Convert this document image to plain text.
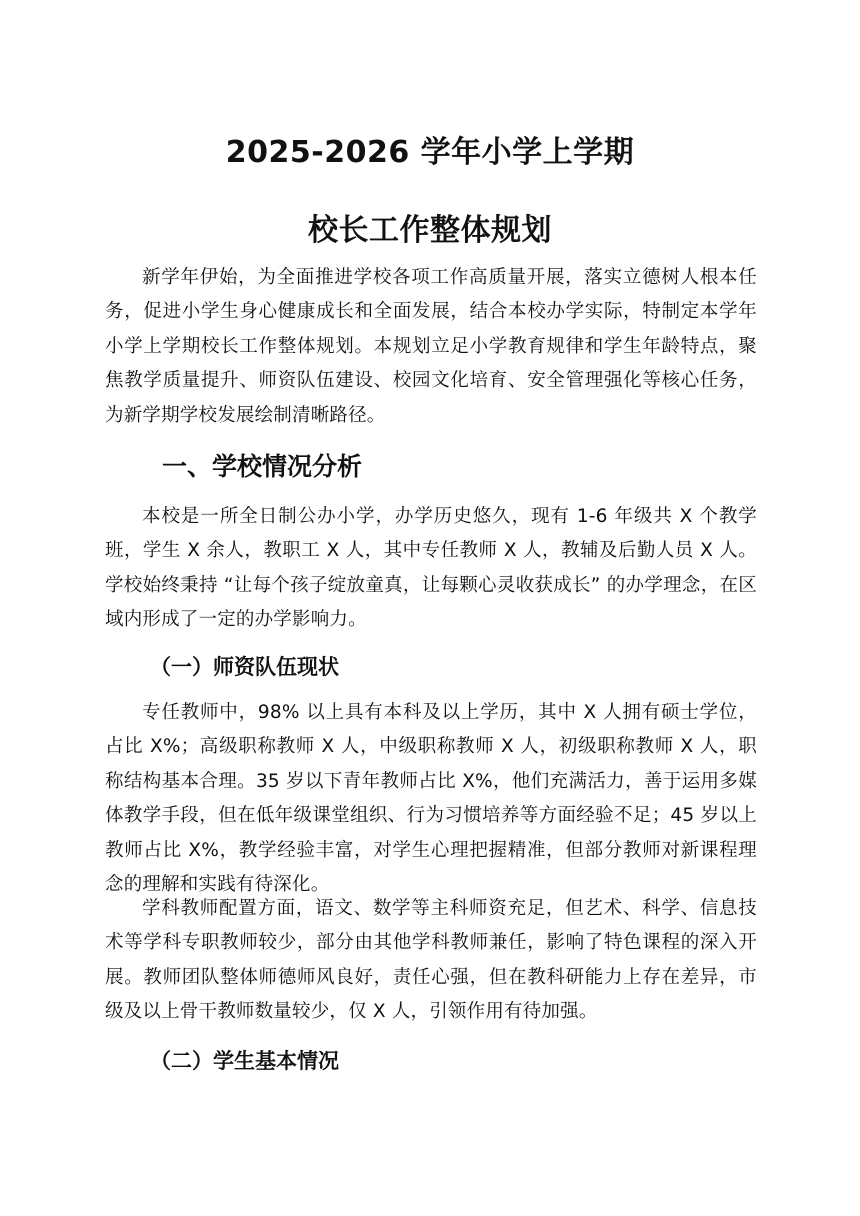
2025-2026 学年小学上学期
校长工作整体规划

新学年伊始，为全面推进学校各项工作高质量开展，落实立德树人根本任务，促进小学生身心健康成长和全面发展，结合本校办学实际，特制定本学年小学上学期校长工作整体规划。本规划立足小学教育规律和学生年龄特点，聚焦教学质量提升、师资队伍建设、校园文化培育、安全管理强化等核心任务，为新学期学校发展绘制清晰路径。

一、学校情况分析

本校是一所全日制公办小学，办学历史悠久，现有 1-6 年级共 X 个教学班，学生 X 余人，教职工 X 人，其中专任教师 X 人，教辅及后勤人员 X 人。学校始终秉持 “让每个孩子绽放童真，让每颗心灵收获成长” 的办学理念，在区域内形成了一定的办学影响力。

（一）师资队伍现状

专任教师中，98% 以上具有本科及以上学历，其中 X 人拥有硕士学位，占比 X%；高级职称教师 X 人，中级职称教师 X 人，初级职称教师 X 人，职称结构基本合理。35 岁以下青年教师占比 X%，他们充满活力，善于运用多媒体教学手段，但在低年级课堂组织、行为习惯培养等方面经验不足；45 岁以上教师占比 X%，教学经验丰富，对学生心理把握精准，但部分教师对新课程理念的理解和实践有待深化。

学科教师配置方面，语文、数学等主科师资充足，但艺术、科学、信息技术等学科专职教师较少，部分由其他学科教师兼任，影响了特色课程的深入开展。教师团队整体师德师风良好，责任心强，但在教科研能力上存在差异，市级及以上骨干教师数量较少，仅 X 人，引领作用有待加强。

（二）学生基本情况
